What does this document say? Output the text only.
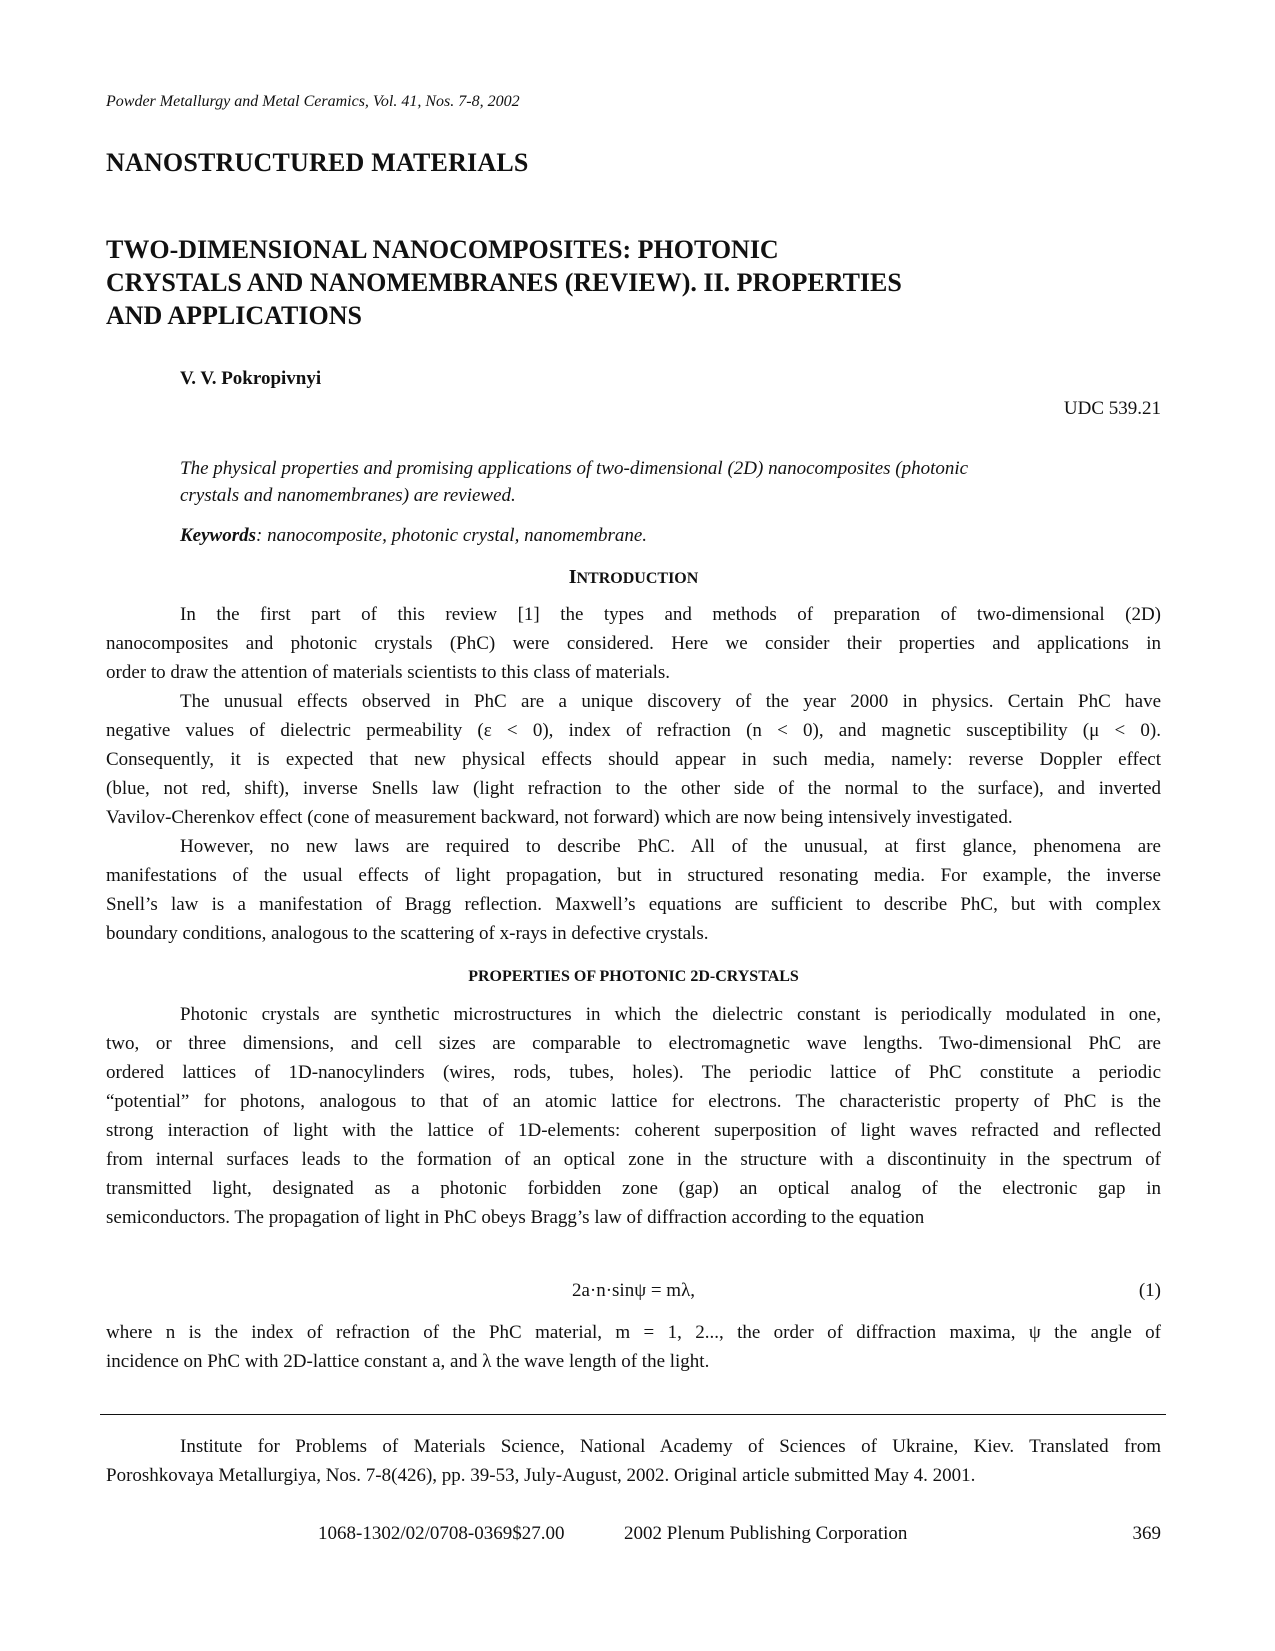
Powder Metallurgy and Metal Ceramics, Vol. 41, Nos. 7-8, 2002
NANOSTRUCTURED MATERIALS
TWO-DIMENSIONAL NANOCOMPOSITES: PHOTONIC
CRYSTALS AND NANOMEMBRANES (REVIEW). II. PROPERTIES
AND APPLICATIONS
V. V. Pokropivnyi
UDC 539.21
The physical properties and promising applications of two-dimensional (2D) nanocomposites (photonic
crystals and nanomembranes) are reviewed.
Keywords: nanocomposite, photonic crystal, nanomembrane.
INTRODUCTION
In the first part of this review [1] the types and methods of preparation of two-dimensional (2D)
nanocomposites and photonic crystals (PhC) were considered. Here we consider their properties and applications in
order to draw the attention of materials scientists to this class of materials.
The unusual effects observed in PhC are a unique discovery of the year 2000 in physics. Certain PhC have
negative values of dielectric permeability (ε < 0), index of refraction (n < 0), and magnetic susceptibility (μ < 0).
Consequently, it is expected that new physical effects should appear in such media, namely: reverse Doppler effect
(blue, not red, shift), inverse Snells law (light refraction to the other side of the normal to the surface), and inverted
Vavilov-Cherenkov effect (cone of measurement backward, not forward) which are now being intensively investigated.
However, no new laws are required to describe PhC. All of the unusual, at first glance, phenomena are
manifestations of the usual effects of light propagation, but in structured resonating media. For example, the inverse
Snell’s law is a manifestation of Bragg reflection. Maxwell’s equations are sufficient to describe PhC, but with complex
boundary conditions, analogous to the scattering of x-rays in defective crystals.
PROPERTIES OF PHOTONIC 2D-CRYSTALS
Photonic crystals are synthetic microstructures in which the dielectric constant is periodically modulated in one,
two, or three dimensions, and cell sizes are comparable to electromagnetic wave lengths. Two-dimensional PhC are
ordered lattices of 1D-nanocylinders (wires, rods, tubes, holes). The periodic lattice of PhC constitute a periodic
“potential” for photons, analogous to that of an atomic lattice for electrons. The characteristic property of PhC is the
strong interaction of light with the lattice of 1D-elements: coherent superposition of light waves refracted and reflected
from internal surfaces leads to the formation of an optical zone in the structure with a discontinuity in the spectrum of
transmitted light, designated as a photonic forbidden zone (gap) an optical analog of the electronic gap in
semiconductors. The propagation of light in PhC obeys Bragg’s law of diffraction according to the equation
2a·n·sinψ = mλ,	(1)
where n is the index of refraction of the PhC material, m = 1, 2..., the order of diffraction maxima, ψ the angle of
incidence on PhC with 2D-lattice constant a, and λ the wave length of the light.
Institute for Problems of Materials Science, National Academy of Sciences of Ukraine, Kiev. Translated from
Poroshkovaya Metallurgiya, Nos. 7-8(426), pp. 39-53, July-August, 2002. Original article submitted May 4. 2001.
1068-1302/02/0708-0369$27.00	2002 Plenum Publishing Corporation	369
